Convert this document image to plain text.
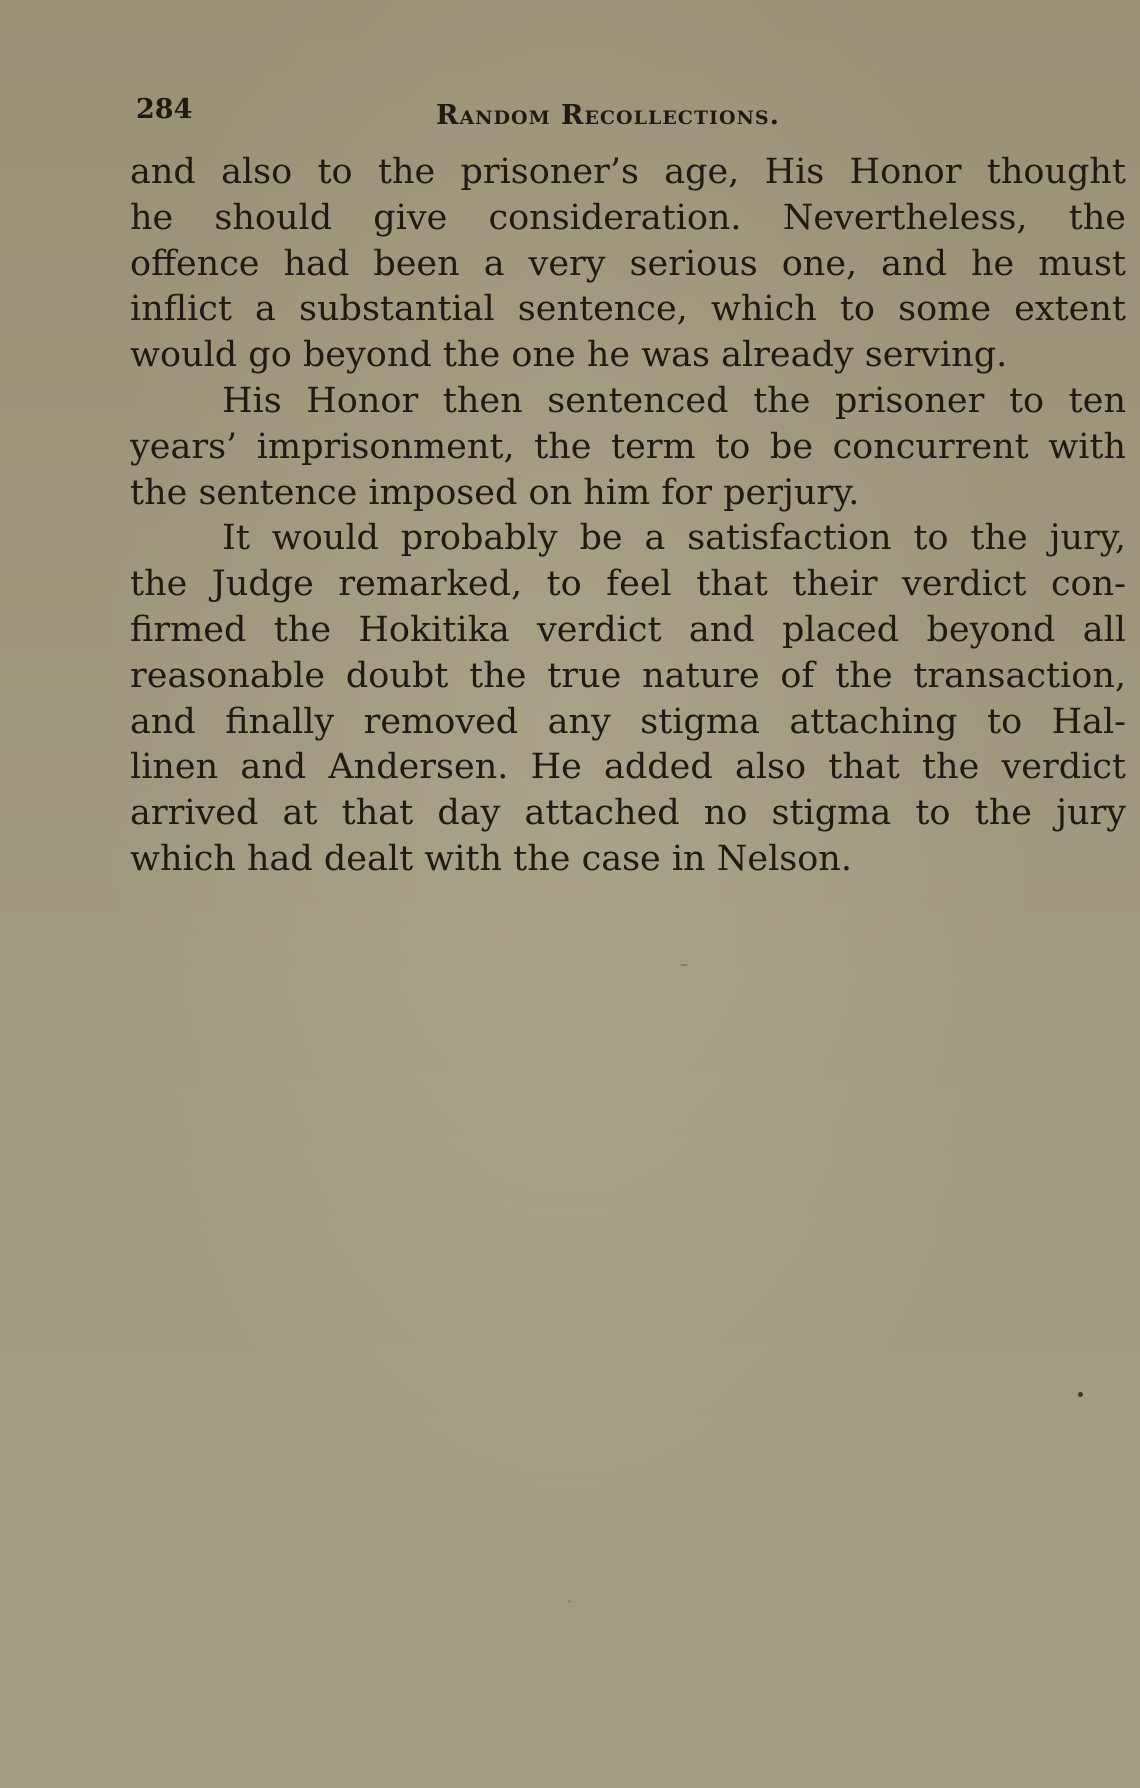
284	Random Recollections.
and also to the prisoner’s age, His Honor thought
he should give consideration. Nevertheless, the
offence had been a very serious one, and he must
inflict a substantial sentence, which to some extent
would go beyond the one he was already serving.
His Honor then sentenced the prisoner to ten
years’ imprisonment, the term to be concurrent with
the sentence imposed on him for perjury.
It would probably be a satisfaction to the jury,
the Judge remarked, to feel that their verdict con-
firmed the Hokitika verdict and placed beyond all
reasonable doubt the true nature of the transaction,
and finally removed any stigma attaching to Hal-
linen and Andersen. He added also that the verdict
arrived at that day attached no stigma to the jury
which had dealt with the case in Nelson.
